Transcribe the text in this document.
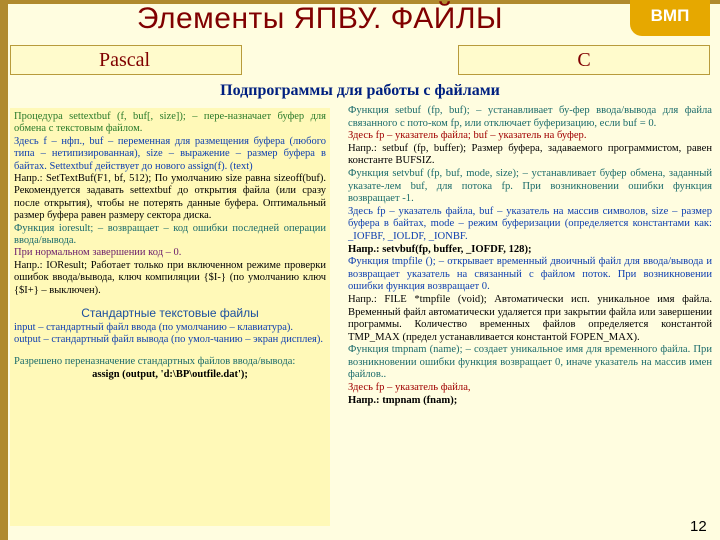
Элементы ЯПВУ. ФАЙЛЫ	ВМП
Pascal	C
Подпрограммы для работы с файлами
Процедура settextbuf (f, buf[, size]); – пере-назначает буфер для обмена с текстовым файлом.
Здесь f – нфп., buf – переменная для размещения буфера (любого типа – нетипизированная), size – выражение – размер буфера в байтах. Settextbuf действует до нового assign(f). (text)
Напр.: SetTextBuf(F1, bf, 512); По умолчанию size равна sizeoff(buf). Рекомендуется задавать settextbuf до открытия файла (или сразу после открытия), чтобы не потерять данные буфера. Оптимальный размер буфера равен размеру сектора диска.
Функция ioresult; – возвращает – код ошибки последней операции ввода/вывода.
При нормальном завершении код – 0.
Напр.: IOResult; Работает только при включенном режиме проверки ошибок ввода/вывода, ключ компиляции {$I-} (по умолчанию ключ {$I+} – выключен).
Стандартные текстовые файлы
input – стандартный файл ввода (по умолчанию – клавиатура).
output – стандартный файл вывода (по умол-чанию – экран дисплея).
Разрешено переназначение стандартных файлов ввода/вывода:
assign (output, 'd:\BP\outfile.dat');
Функция setbuf (fp, buf); – устанавливает бу-фер ввода/вывода для файла связанного с пото-ком fp, или отключает буферизацию, если buf = 0.
Здесь fp – указатель файла; buf – указатель на буфер.
Напр.: setbuf (fp, buffer); Размер буфера, задаваемого программистом, равен константе BUFSIZ.
Функция setvbuf (fp, buf, mode, size); – устанавливает буфер обмена, заданный указате-лем buf, для потока fp. При возникновении ошибки функция возвращает -1.
Здесь fp – указатель файла, buf – указатель на массив символов, size – размер буфера в байтах, mode – режим буферизации (определяется константами как: _IOFBF, _IOLDF, _IONBF.
Напр.: setvbuf(fp, buffer, _IOFDF, 128);
Функция tmpfile (); – открывает временный двоичный файл для ввода/вывода и возвращает указатель на связанный с файлом поток. При возникновении ошибки функция возвращает 0.
Напр.: FILE *tmpfile (void); Автоматически исп. уникальное имя файла. Временный файл автоматически удаляется при закрытии файла или завершении программы. Количество временных файлов определяется константой TMP_MAX (предел устанавливается константой FOPEN_MAX).
Функция tmpnam (name); – создает уникальное имя для временного файла. При возникновении ошибки функция возвращает 0, иначе указатель на массив имен файлов..
Здесь fp – указатель файла,
Напр.: tmpnam (fnam);
12
